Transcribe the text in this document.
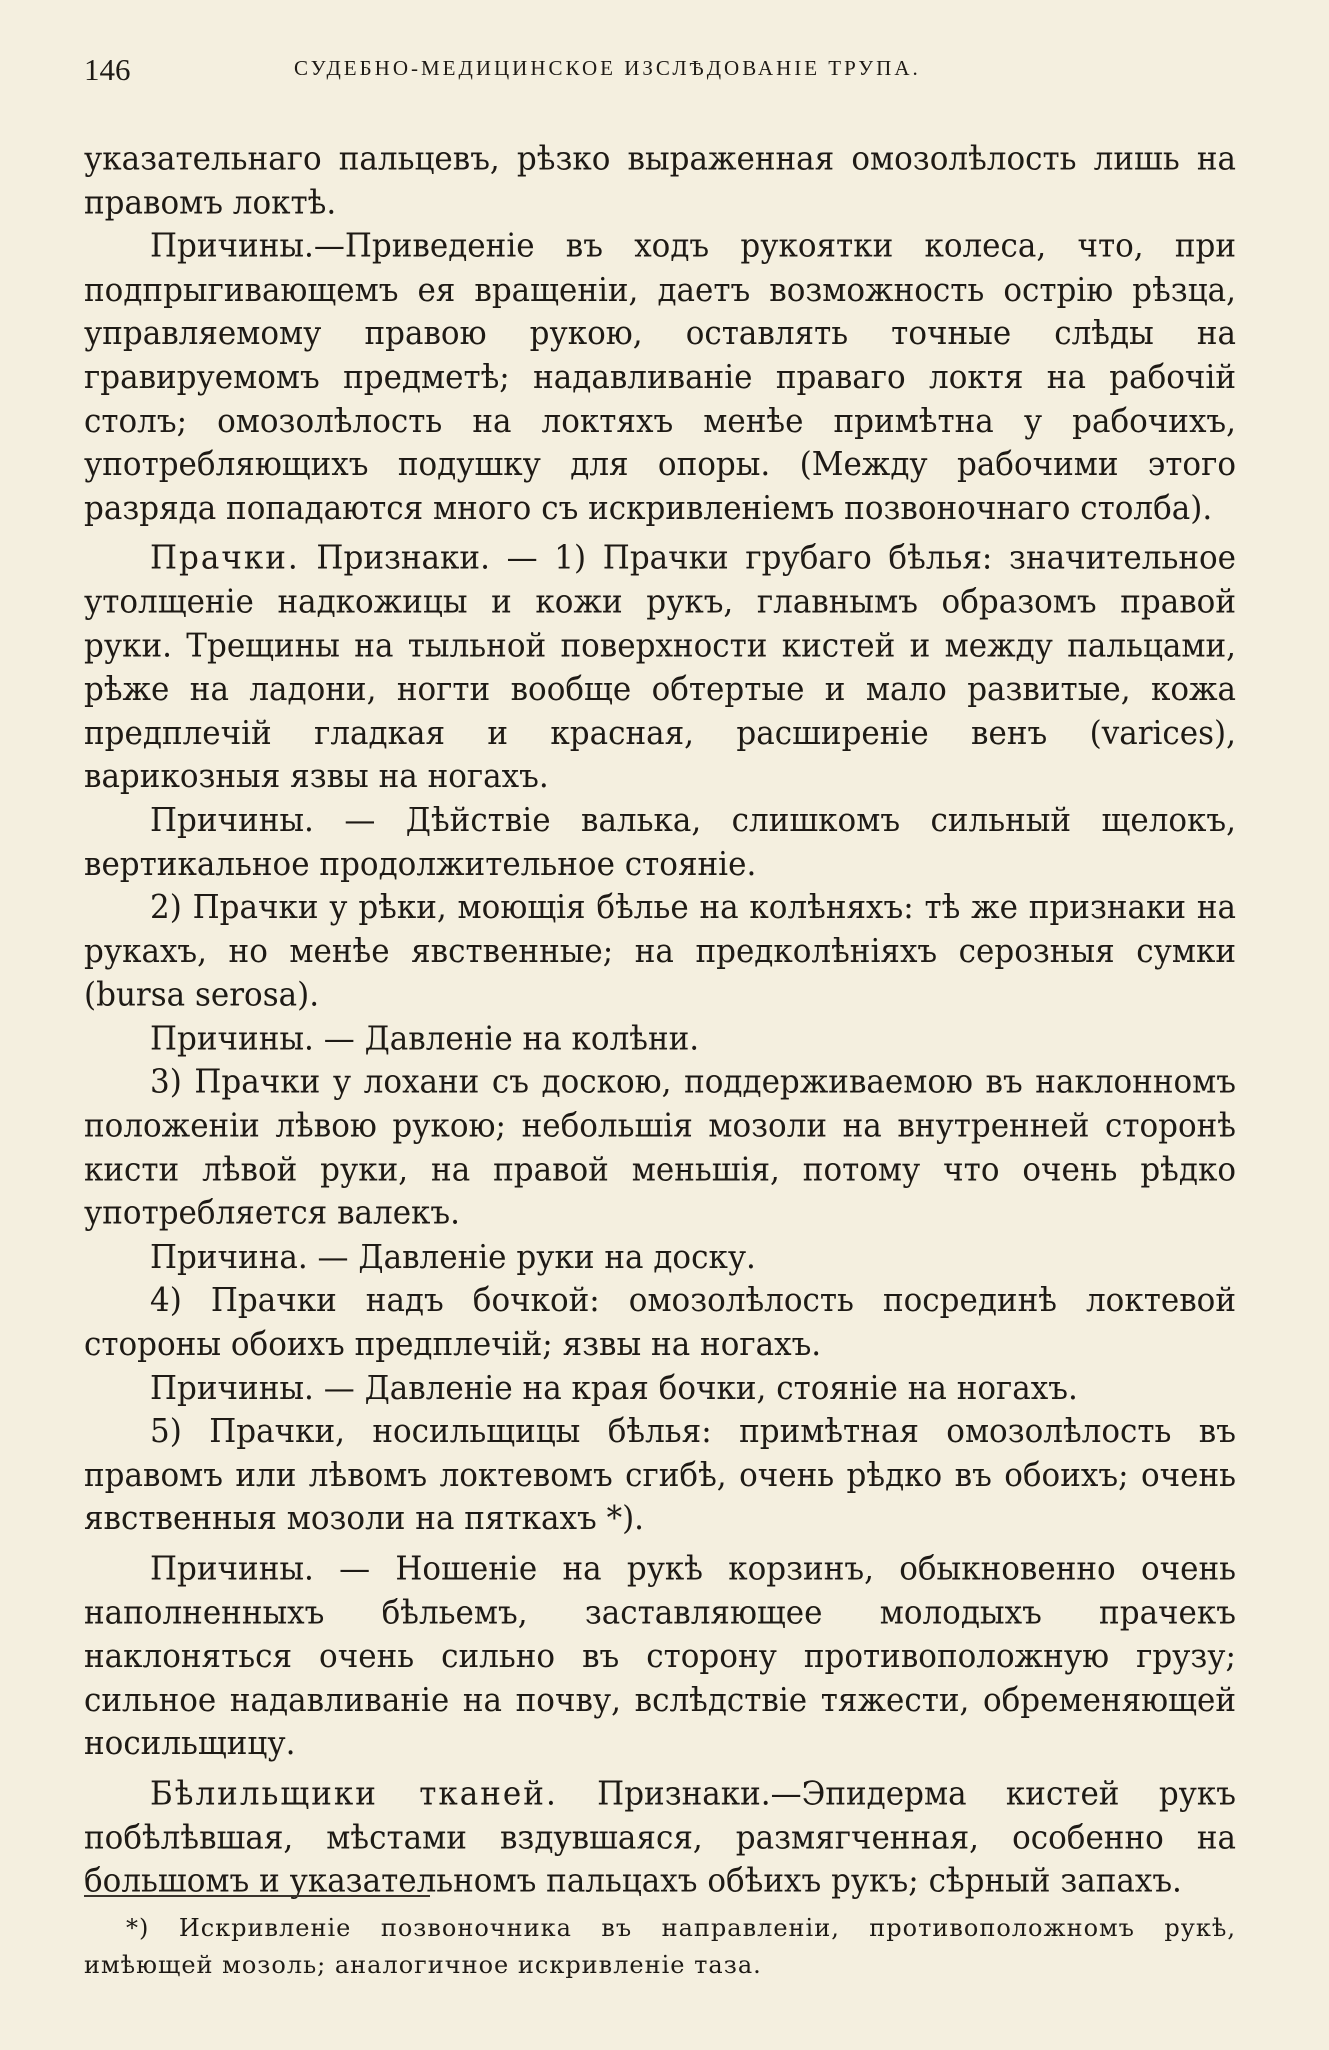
146	СУДЕБНО-МЕДИЦИНСКОЕ ИЗСЛѢДОВАНІЕ ТРУПА.

указательнаго пальцевъ, рѣзко выраженная омозолѣлость лишь на правомъ локтѣ.

Причины.—Приведеніе въ ходъ рукоятки колеса, что, при подпрыгивающемъ ея вращеніи, даетъ возможность острію рѣзца, управляемому правою рукою, оставлять точные слѣды на гравируемомъ предметѣ; надавливаніе праваго локтя на рабочій столъ; омозолѣлость на локтяхъ менѣе примѣтна у рабочихъ, употребляющихъ подушку для опоры. (Между рабочими этого разряда попадаются много съ искривленіемъ позвоночнаго столба).

Прачки. Признаки. — 1) Прачки грубаго бѣлья: значительное утолщеніе надкожицы и кожи рукъ, главнымъ образомъ правой руки. Трещины на тыльной поверхности кистей и между пальцами, рѣже на ладони, ногти вообще обтертые и мало развитые, кожа предплечій гладкая и красная, расширеніе венъ (varices), варикозныя язвы на ногахъ.

Причины. — Дѣйствіе валька, слишкомъ сильный щелокъ, вертикальное продолжительное стояніе.

2) Прачки у рѣки, моющія бѣлье на колѣняхъ: тѣ же признаки на рукахъ, но менѣе явственные; на предколѣніяхъ серозныя сумки (bursa serosa).

Причины. — Давленіе на колѣни.

3) Прачки у лохани съ доскою, поддерживаемою въ наклонномъ положеніи лѣвою рукою; небольшія мозоли на внутренней сторонѣ кисти лѣвой руки, на правой меньшія, потому что очень рѣдко употребляется валекъ.

Причина. — Давленіе руки на доску.

4) Прачки надъ бочкой: омозолѣлость посрединѣ локтевой стороны обоихъ предплечій; язвы на ногахъ.

Причины. — Давленіе на края бочки, стояніе на ногахъ.

5) Прачки, носильщицы бѣлья: примѣтная омозолѣлость въ правомъ или лѣвомъ локтевомъ сгибѣ, очень рѣдко въ обоихъ; очень явственныя мозоли на пяткахъ *).

Причины. — Ношеніе на рукѣ корзинъ, обыкновенно очень наполненныхъ бѣльемъ, заставляющее молодыхъ прачекъ наклоняться очень сильно въ сторону противоположную грузу; сильное надавливаніе на почву, вслѣдствіе тяжести, обременяющей носильщицу.

Бѣлильщики тканей. Признаки.—Эпидерма кистей рукъ побѣлѣвшая, мѣстами вздувшаяся, размягченная, особенно на большомъ и указательномъ пальцахъ обѣихъ рукъ; сѣрный запахъ.

*) Искривленіе позвоночника въ направленіи, противоположномъ рукѣ, имѣющей мозоль; аналогичное искривленіе таза.
